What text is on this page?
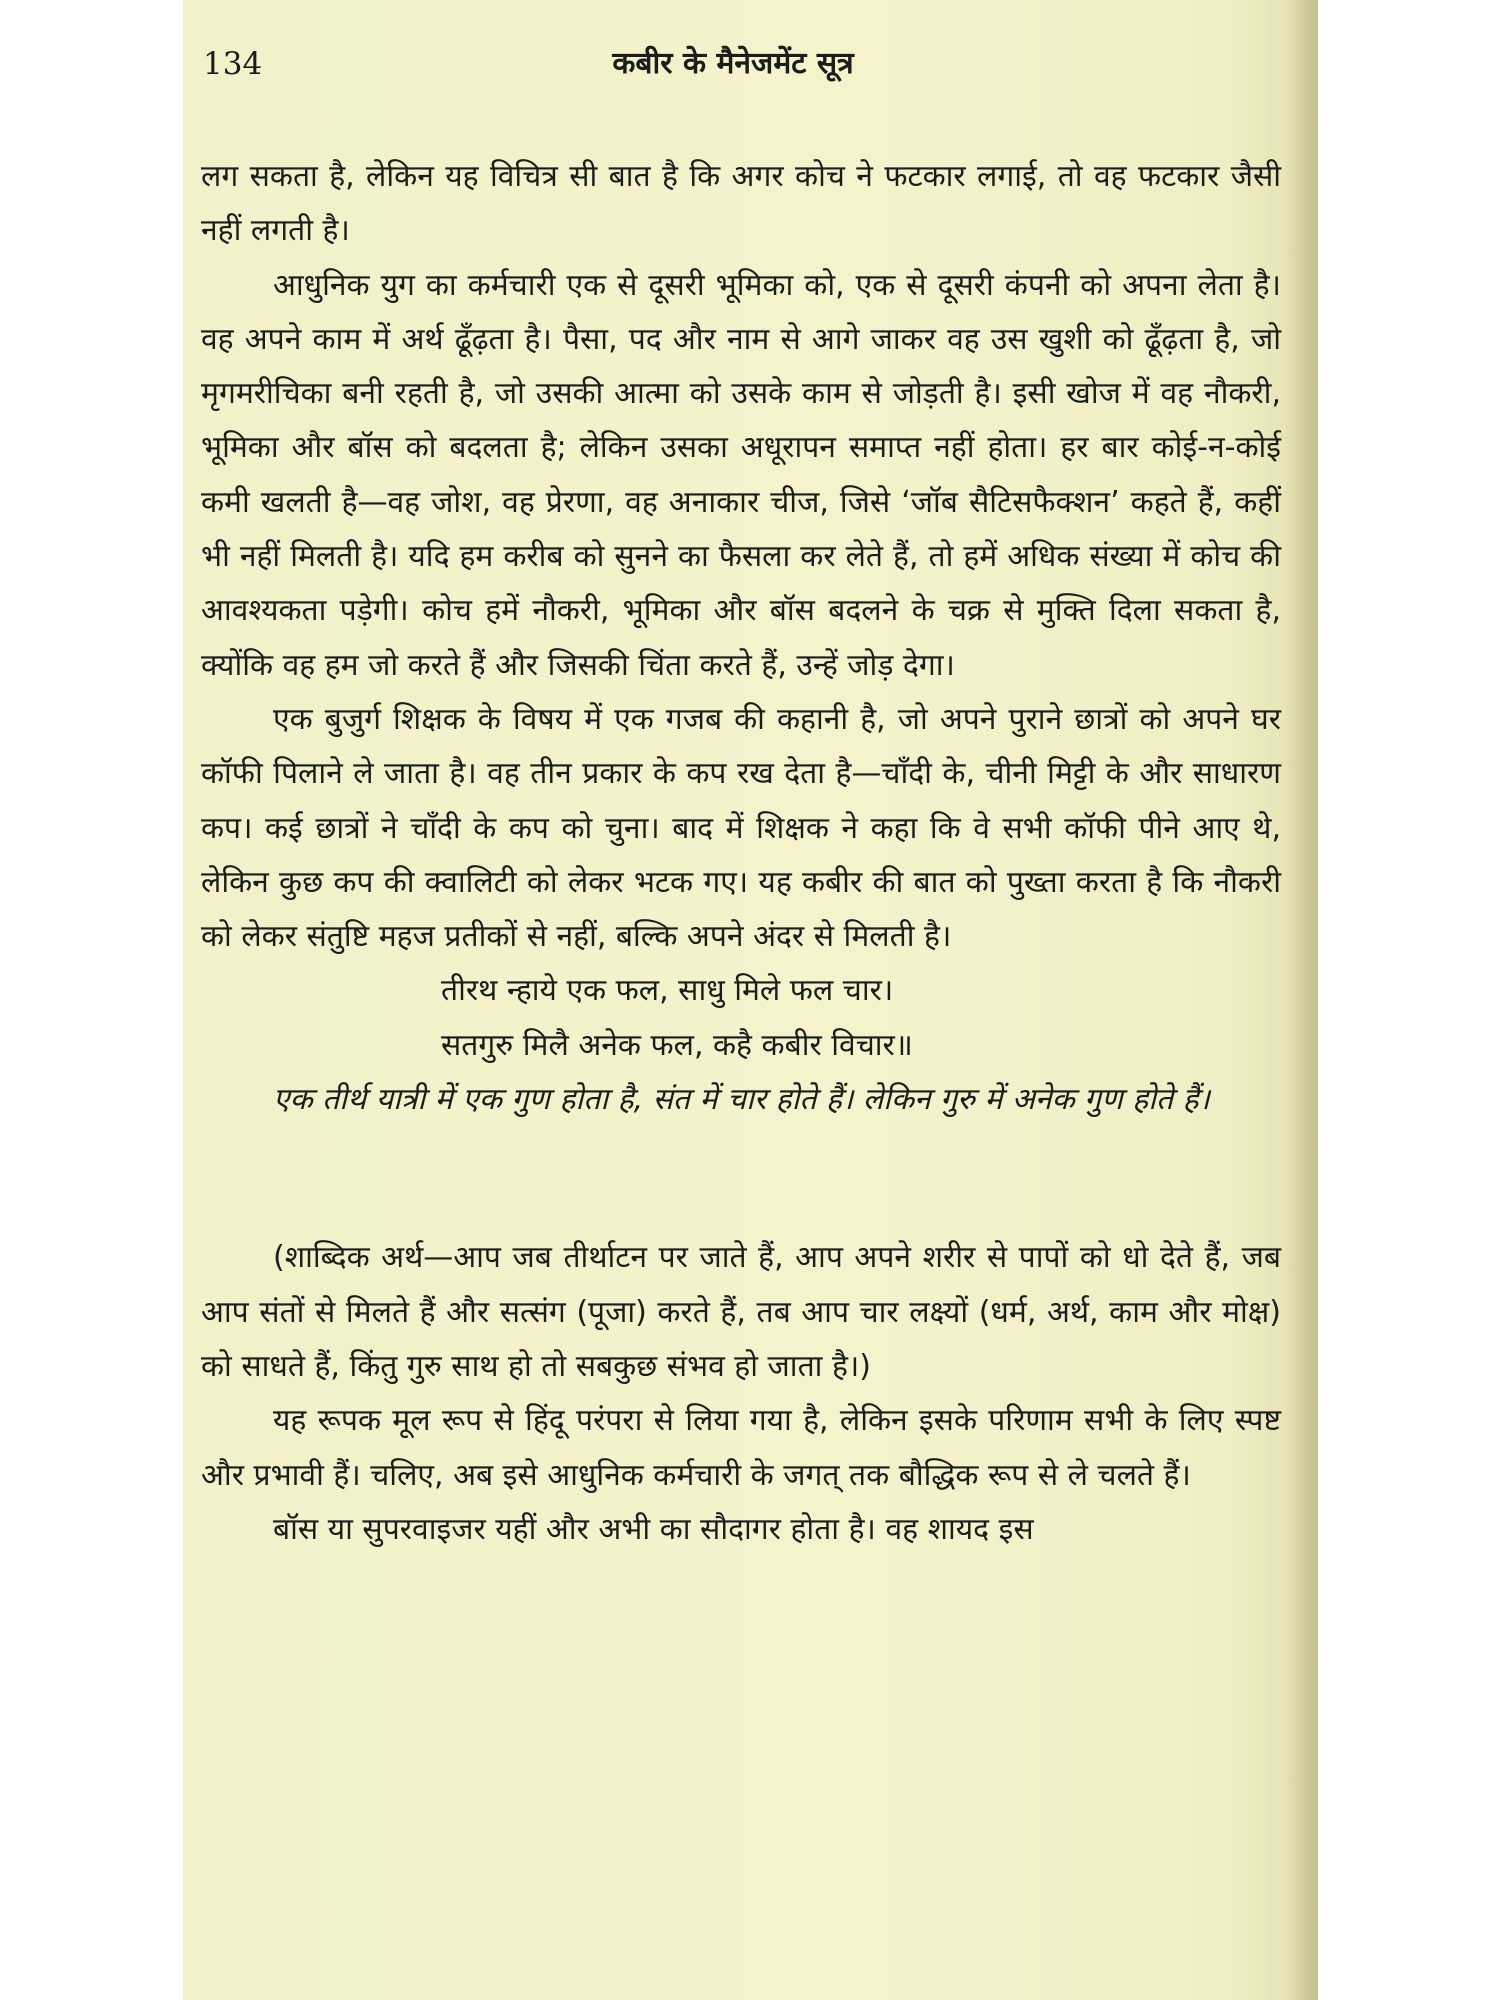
134	कबीर के मैनेजमेंट सूत्र

लग सकता है, लेकिन यह विचित्र सी बात है कि अगर कोच ने फटकार लगाई, तो वह फटकार जैसी नहीं लगती है।

आधुनिक युग का कर्मचारी एक से दूसरी भूमिका को, एक से दूसरी कंपनी को अपना लेता है। वह अपने काम में अर्थ ढूँढ़ता है। पैसा, पद और नाम से आगे जाकर वह उस खुशी को ढूँढ़ता है, जो मृगमरीचिका बनी रहती है, जो उसकी आत्मा को उसके काम से जोड़ती है। इसी खोज में वह नौकरी, भूमिका और बॉस को बदलता है; लेकिन उसका अधूरापन समाप्त नहीं होता। हर बार कोई-न-कोई कमी खलती है—वह जोश, वह प्रेरणा, वह अनाकार चीज, जिसे ‘जॉब सैटिसफैक्शन’ कहते हैं, कहीं भी नहीं मिलती है। यदि हम करीब को सुनने का फैसला कर लेते हैं, तो हमें अधिक संख्या में कोच की आवश्यकता पड़ेगी। कोच हमें नौकरी, भूमिका और बॉस बदलने के चक्र से मुक्ति दिला सकता है, क्योंकि वह हम जो करते हैं और जिसकी चिंता करते हैं, उन्हें जोड़ देगा।

एक बुजुर्ग शिक्षक के विषय में एक गजब की कहानी है, जो अपने पुराने छात्रों को अपने घर कॉफी पिलाने ले जाता है। वह तीन प्रकार के कप रख देता है—चाँदी के, चीनी मिट्टी के और साधारण कप। कई छात्रों ने चाँदी के कप को चुना। बाद में शिक्षक ने कहा कि वे सभी कॉफी पीने आए थे, लेकिन कुछ कप की क्वालिटी को लेकर भटक गए। यह कबीर की बात को पुख्ता करता है कि नौकरी को लेकर संतुष्टि महज प्रतीकों से नहीं, बल्कि अपने अंदर से मिलती है।

तीरथ न्हाये एक फल, साधु मिले फल चार।

सतगुरु मिलै अनेक फल, कहै कबीर विचार॥

एक तीर्थ यात्री में एक गुण होता है, संत में चार होते हैं। लेकिन गुरु में अनेक गुण होते हैं।

(शाब्दिक अर्थ—आप जब तीर्थाटन पर जाते हैं, आप अपने शरीर से पापों को धो देते हैं, जब आप संतों से मिलते हैं और सत्संग (पूजा) करते हैं, तब आप चार लक्ष्यों (धर्म, अर्थ, काम और मोक्ष) को साधते हैं, किंतु गुरु साथ हो तो सबकुछ संभव हो जाता है।)

यह रूपक मूल रूप से हिंदू परंपरा से लिया गया है, लेकिन इसके परिणाम सभी के लिए स्पष्ट और प्रभावी हैं। चलिए, अब इसे आधुनिक कर्मचारी के जगत् तक बौद्धिक रूप से ले चलते हैं।

बॉस या सुपरवाइजर यहीं और अभी का सौदागर होता है। वह शायद इस
